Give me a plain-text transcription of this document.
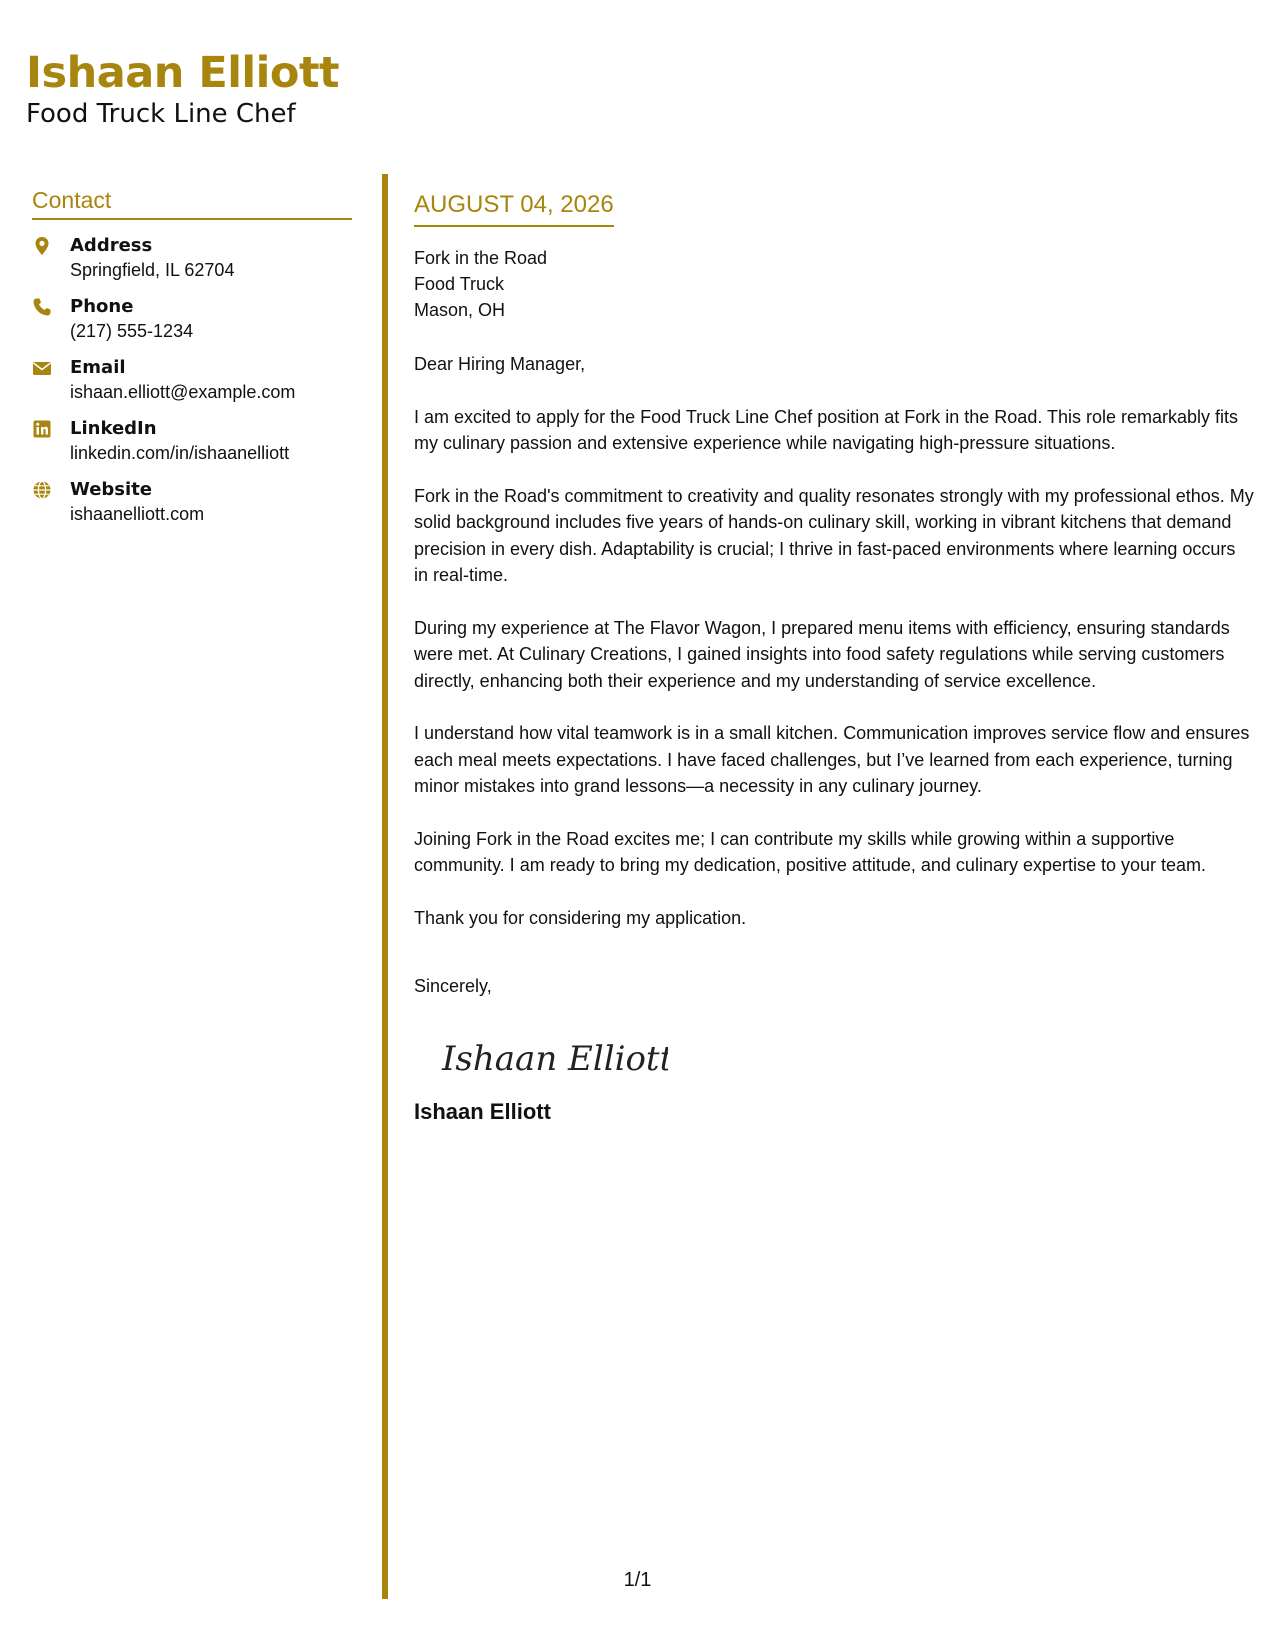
Ishaan Elliott
Food Truck Line Chef
Contact
Address
Springfield, IL 62704
Phone
(217) 555-1234
Email
ishaan.elliott@example.com
LinkedIn
linkedin.com/in/ishaanelliott
Website
ishaanelliott.com
AUGUST 04, 2026
Fork in the Road
Food Truck
Mason, OH
Dear Hiring Manager,
I am excited to apply for the Food Truck Line Chef position at Fork in the Road. This role remarkably fits my culinary passion and extensive experience while navigating high-pressure situations.
Fork in the Road's commitment to creativity and quality resonates strongly with my professional ethos. My solid background includes five years of hands-on culinary skill, working in vibrant kitchens that demand precision in every dish. Adaptability is crucial; I thrive in fast-paced environments where learning occurs in real-time.
During my experience at The Flavor Wagon, I prepared menu items with efficiency, ensuring standards were met. At Culinary Creations, I gained insights into food safety regulations while serving customers directly, enhancing both their experience and my understanding of service excellence.
I understand how vital teamwork is in a small kitchen. Communication improves service flow and ensures each meal meets expectations. I have faced challenges, but I’ve learned from each experience, turning minor mistakes into grand lessons—a necessity in any culinary journey.
Joining Fork in the Road excites me; I can contribute my skills while growing within a supportive community. I am ready to bring my dedication, positive attitude, and culinary expertise to your team.
Thank you for considering my application.
Sincerely,
Ishaan Elliott
Ishaan Elliott
1/1
